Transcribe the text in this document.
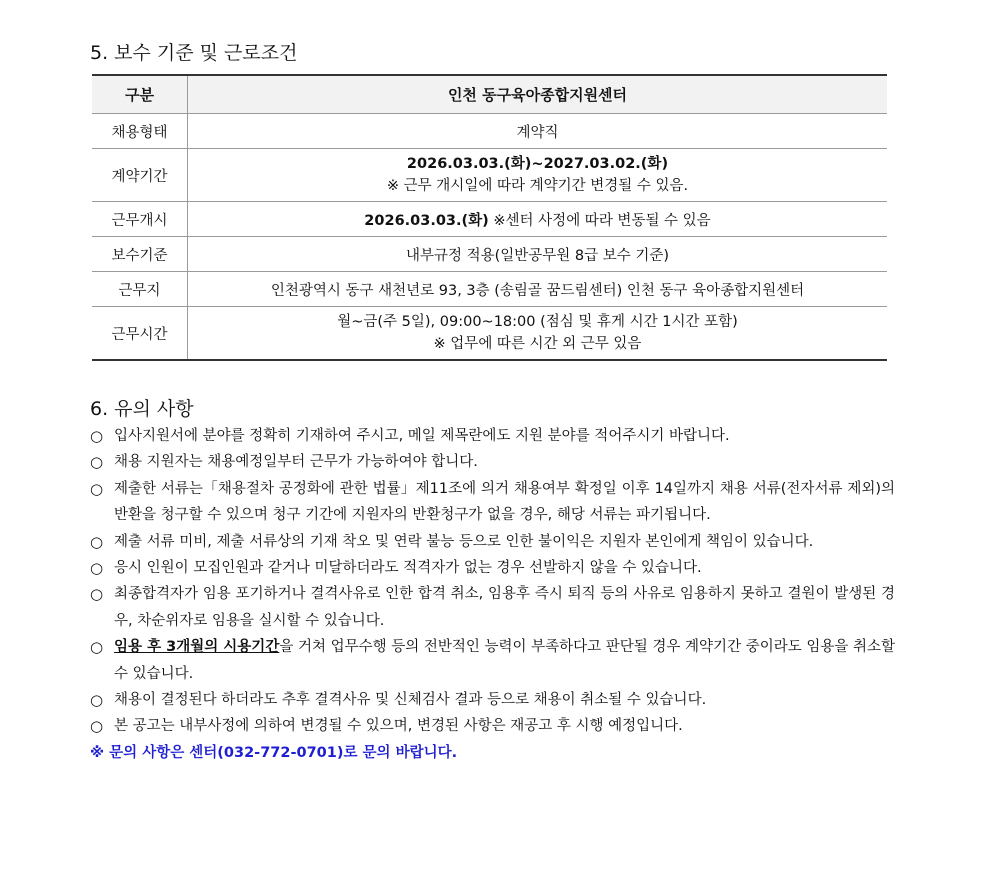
5. 보수 기준 및 근로조건
구분	인천 동구육아종합지원센터
채용형태	계약직
계약기간	2026.03.03.(화)~2027.03.02.(화)
※ 근무 개시일에 따라 계약기간 변경될 수 있음.

근무개시	2026.03.03.(화) ※센터 사정에 따라 변동될 수 있음
보수기준	내부규정 적용(일반공무원 8급 보수 기준)
근무지	인천광역시 동구 새천년로 93, 3층 (송림골 꿈드림센터) 인천 동구 육아종합지원센터
근무시간	월~금(주 5일), 09:00~18:00 (점심 및 휴게 시간 1시간 포함)
※ 업무에 따른 시간 외 근무 있음
6. 유의 사항
○ 입사지원서에 분야를 정확히 기재하여 주시고, 메일 제목란에도 지원 분야를 적어주시기 바랍니다.
○ 채용 지원자는 채용예정일부터 근무가 가능하여야 합니다.
○ 제출한 서류는「채용절차 공정화에 관한 법률」제11조에 의거 채용여부 확정일 이후 14일까지 채용 서류(전자서류 제외)의 반환을 청구할 수 있으며 청구 기간에 지원자의 반환청구가 없을 경우, 해당 서류는 파기됩니다.
○ 제출 서류 미비, 제출 서류상의 기재 착오 및 연락 불능 등으로 인한 불이익은 지원자 본인에게 책임이 있습니다.
○ 응시 인원이 모집인원과 같거나 미달하더라도 적격자가 없는 경우 선발하지 않을 수 있습니다.
○ 최종합격자가 임용 포기하거나 결격사유로 인한 합격 취소, 임용후 즉시 퇴직 등의 사유로 임용하지 못하고 결원이 발생된 경우, 차순위자로 임용을 실시할 수 있습니다.
○ 임용 후 3개월의 시용기간을 거쳐 업무수행 등의 전반적인 능력이 부족하다고 판단될 경우 계약기간 중이라도 임용을 취소할 수 있습니다.
○ 채용이 결정된다 하더라도 추후 결격사유 및 신체검사 결과 등으로 채용이 취소될 수 있습니다.
○ 본 공고는 내부사정에 의하여 변경될 수 있으며, 변경된 사항은 재공고 후 시행 예정입니다.
※ 문의 사항은 센터(032-772-0701)로 문의 바랍니다.
